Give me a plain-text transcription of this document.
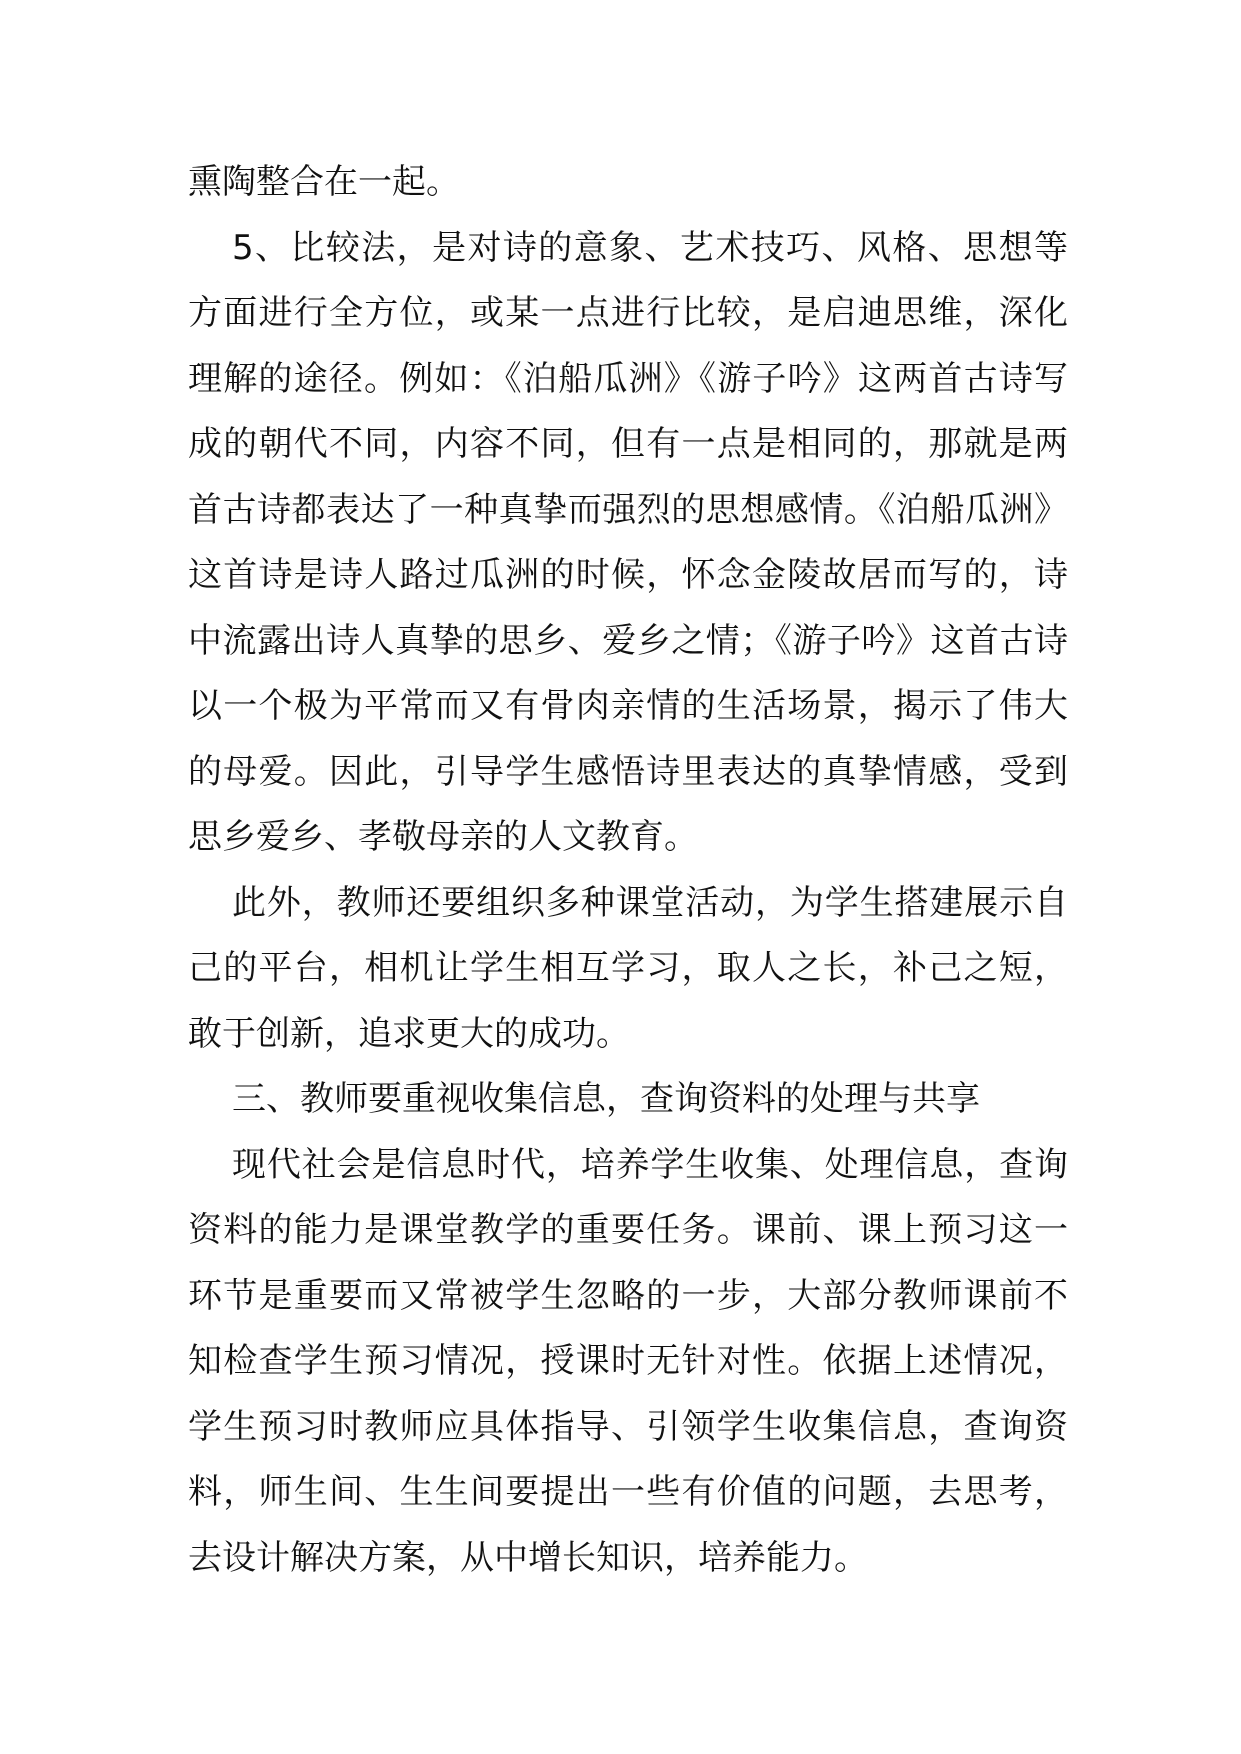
熏陶整合在一起。

5、比较法，是对诗的意象、艺术技巧、风格、思想等方面进行全方位，或某一点进行比较，是启迪思维，深化理解的途径。例如：《泊船瓜洲》《游子吟》这两首古诗写成的朝代不同，内容不同，但有一点是相同的，那就是两首古诗都表达了一种真挚而强烈的思想感情。《泊船瓜洲》这首诗是诗人路过瓜洲的时候，怀念金陵故居而写的，诗中流露出诗人真挚的思乡、爱乡之情；《游子吟》这首古诗以一个极为平常而又有骨肉亲情的生活场景，揭示了伟大的母爱。因此，引导学生感悟诗里表达的真挚情感，受到思乡爱乡、孝敬母亲的人文教育。

此外，教师还要组织多种课堂活动，为学生搭建展示自己的平台，相机让学生相互学习，取人之长，补己之短，敢于创新，追求更大的成功。

三、教师要重视收集信息，查询资料的处理与共享

现代社会是信息时代，培养学生收集、处理信息，查询资料的能力是课堂教学的重要任务。课前、课上预习这一环节是重要而又常被学生忽略的一步，大部分教师课前不知检查学生预习情况，授课时无针对性。依据上述情况，学生预习时教师应具体指导、引领学生收集信息，查询资料，师生间、生生间要提出一些有价值的问题，去思考，去设计解决方案，从中增长知识，培养能力。
